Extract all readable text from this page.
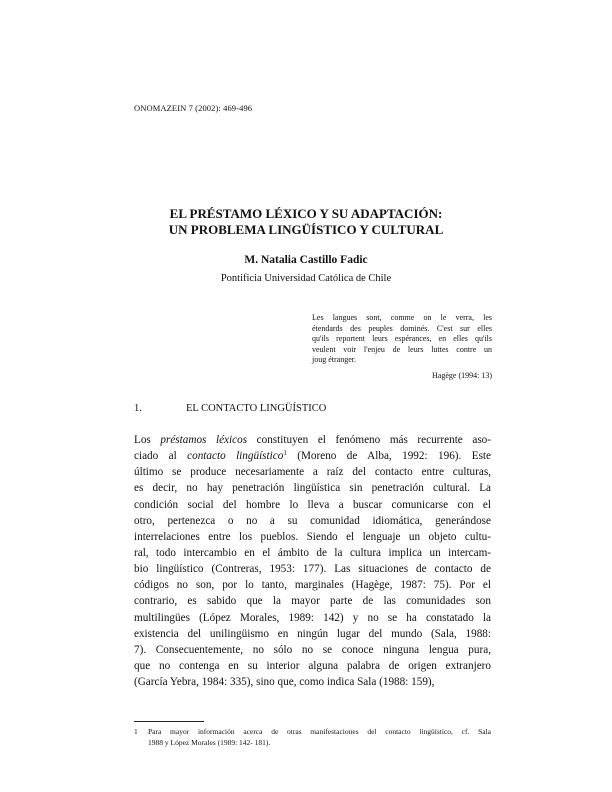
ONOMAZEIN 7 (2002): 469-496
EL PRÉSTAMO LÉXICO Y SU ADAPTACIÓN:
UN PROBLEMA LINGÜÍSTICO Y CULTURAL
M. Natalia Castillo Fadic
Pontificia Universidad Católica de Chile
Les langues sont, comme on le verra, les
étendards des peuples dominés. C'est sur elles
qu'ils reportent leurs espérances, en elles qu'ils
veulent voir l'enjeu de leurs luttes contre un
joug étranger.
Hagège (1994: 13)
1.	EL CONTACTO LINGÜÍSTICO
Los préstamos léxicos constituyen el fenómeno más recurrente aso-
ciado al contacto lingüístico$^1$ (Moreno de Alba, 1992: 196). Este
último se produce necesariamente a raíz del contacto entre culturas,
es decir, no hay penetración lingüística sin penetración cultural. La
condición social del hombre lo lleva a buscar comunicarse con el
otro, pertenezca o no a su comunidad idiomática, generándose
interrelaciones entre los pueblos. Siendo el lenguaje un objeto cultu-
ral, todo intercambio en el ámbito de la cultura implica un intercam-
bio lingüístico (Contreras, 1953: 177). Las situaciones de contacto de
códigos no son, por lo tanto, marginales (Hagège, 1987: 75). Por el
contrario, es sabido que la mayor parte de las comunidades son
multilingües (López Morales, 1989: 142) y no se ha constatado la
existencia del unilingüismo en ningún lugar del mundo (Sala, 1988:
7). Consecuentemente, no sólo no se conoce ninguna lengua pura,
que no contenga en su interior alguna palabra de origen extranjero
(García Yebra, 1984: 335), sino que, como indica Sala (1988: 159),
1 Para mayor información acerca de otras manifestaciones del contacto lingüístico, cf. Sala
1988 y López Morales (1989: 142- 181).
